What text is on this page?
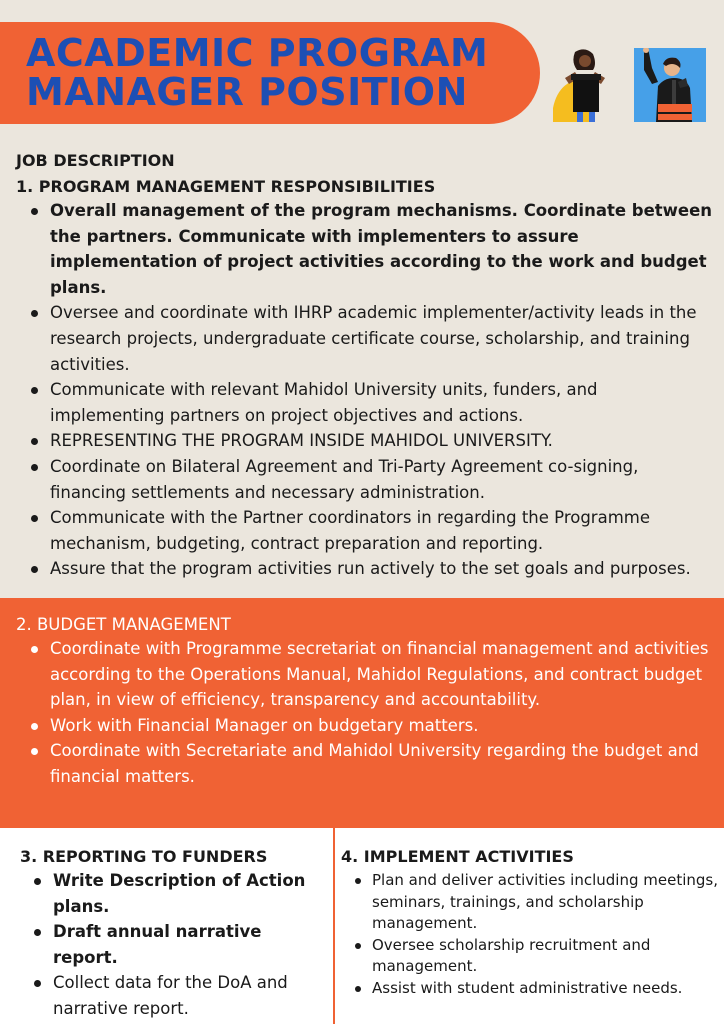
ACADEMIC PROGRAM
MANAGER POSITION
JOB DESCRIPTION
1. PROGRAM MANAGEMENT RESPONSIBILITIES
Overall management of the program mechanisms. Coordinate between the partners. Communicate with implementers to assure implementation of project activities according to the work and budget plans.
Oversee and coordinate with IHRP academic implementer/activity leads in the research projects, undergraduate certificate course, scholarship, and training activities.
Communicate with relevant Mahidol University units, funders, and implementing partners on project objectives and actions.
REPRESENTING THE PROGRAM INSIDE MAHIDOL UNIVERSITY.
Coordinate on Bilateral Agreement and Tri-Party Agreement co-signing, financing settlements and necessary administration.
Communicate with the Partner coordinators in regarding the Programme mechanism, budgeting, contract preparation and reporting.
Assure that the program activities run actively to the set goals and purposes.
2. BUDGET MANAGEMENT
Coordinate with Programme secretariat on financial management and activities according to the Operations Manual, Mahidol Regulations, and contract budget plan, in view of efficiency, transparency and accountability.
Work with Financial Manager on budgetary matters.
Coordinate with Secretariate and Mahidol University regarding the budget and financial matters.
3. REPORTING TO FUNDERS
Write Description of Action plans.
Draft annual narrative report.
Collect data for the DoA and narrative report.
4. IMPLEMENT ACTIVITIES
Plan and deliver activities including meetings, seminars, trainings, and scholarship management.
Oversee scholarship recruitment and management.
Assist with student administrative needs.
